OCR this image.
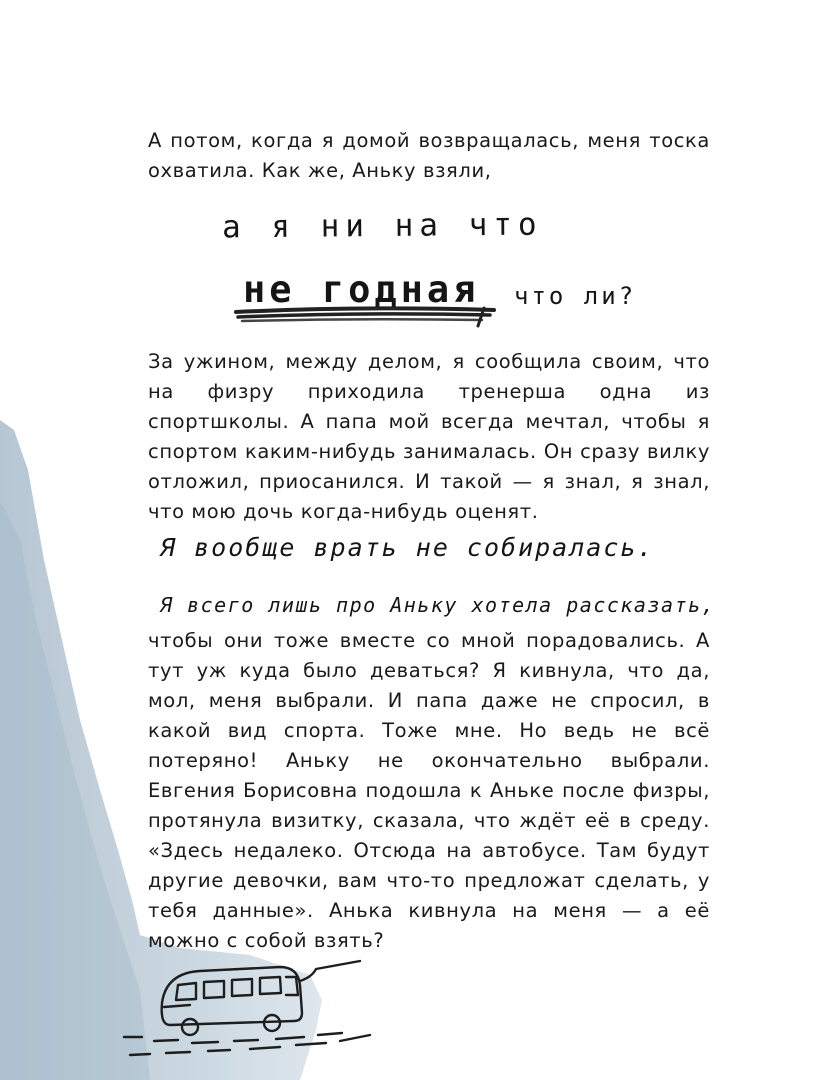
А потом, когда я домой возвращалась, меня тоска охватила. Как же, Аньку взяли,

а я ни на что
не годная что ли?

За ужином, между делом, я сообщила своим, что на физру приходила тренерша одна из спортшколы. А папа мой всегда мечтал, чтобы я спортом каким-нибудь занималась. Он сразу вилку отложил, приосанился. И такой — я знал, я знал, что мою дочь когда-нибудь оценят.

Я вообще врать не собиралась.
Я всего лишь про Аньку хотела рассказать,

чтобы они тоже вместе со мной порадовались. А тут уж куда было деваться? Я кивнула, что да, мол, меня выбрали. И папа даже не спросил, в какой вид спорта. Тоже мне. Но ведь не всё потеряно! Аньку не окончательно выбрали. Евгения Борисовна подошла к Аньке после физры, протянула визитку, сказала, что ждёт её в среду. «Здесь недалеко. Отсюда на автобусе. Там будут другие девочки, вам что-то предложат сделать, у тебя данные». Анька кивнула на меня — а её можно с собой взять?
